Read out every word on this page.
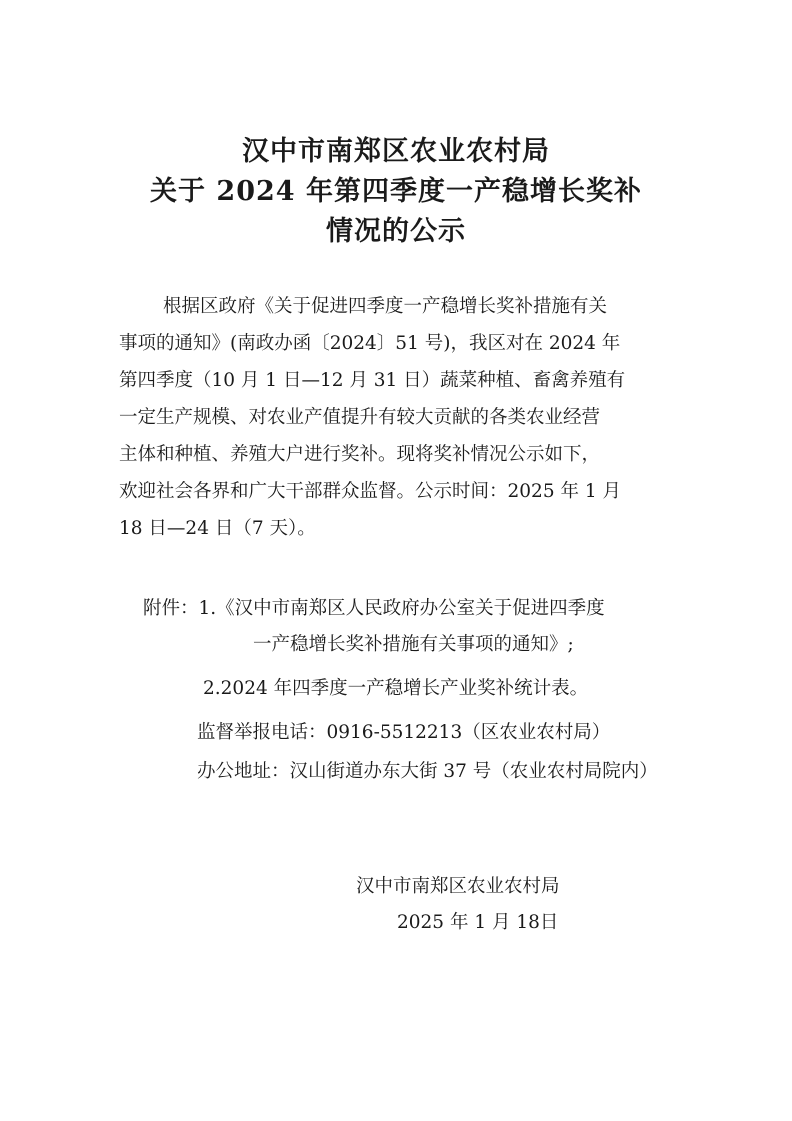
汉中市南郑区农业农村局
关于 2024 年第四季度一产稳增长奖补
情况的公示
根据区政府《关于促进四季度一产稳增长奖补措施有关
事项的通知》(南政办函〔2024〕51 号)，我区对在 2024 年
第四季度（10 月 1 日—12 月 31 日）蔬菜种植、畜禽养殖有
一定生产规模、对农业产值提升有较大贡献的各类农业经营
主体和种植、养殖大户进行奖补。现将奖补情况公示如下，
欢迎社会各界和广大干部群众监督。公示时间：2025 年 1 月
18 日—24 日（7 天）。
附件：1.《汉中市南郑区人民政府办公室关于促进四季度
一产稳增长奖补措施有关事项的通知》;
2.2024 年四季度一产稳增长产业奖补统计表。
监督举报电话：0916-5512213（区农业农村局）
办公地址：汉山街道办东大街 37 号（农业农村局院内）
汉中市南郑区农业农村局
2025 年 1 月 18日
